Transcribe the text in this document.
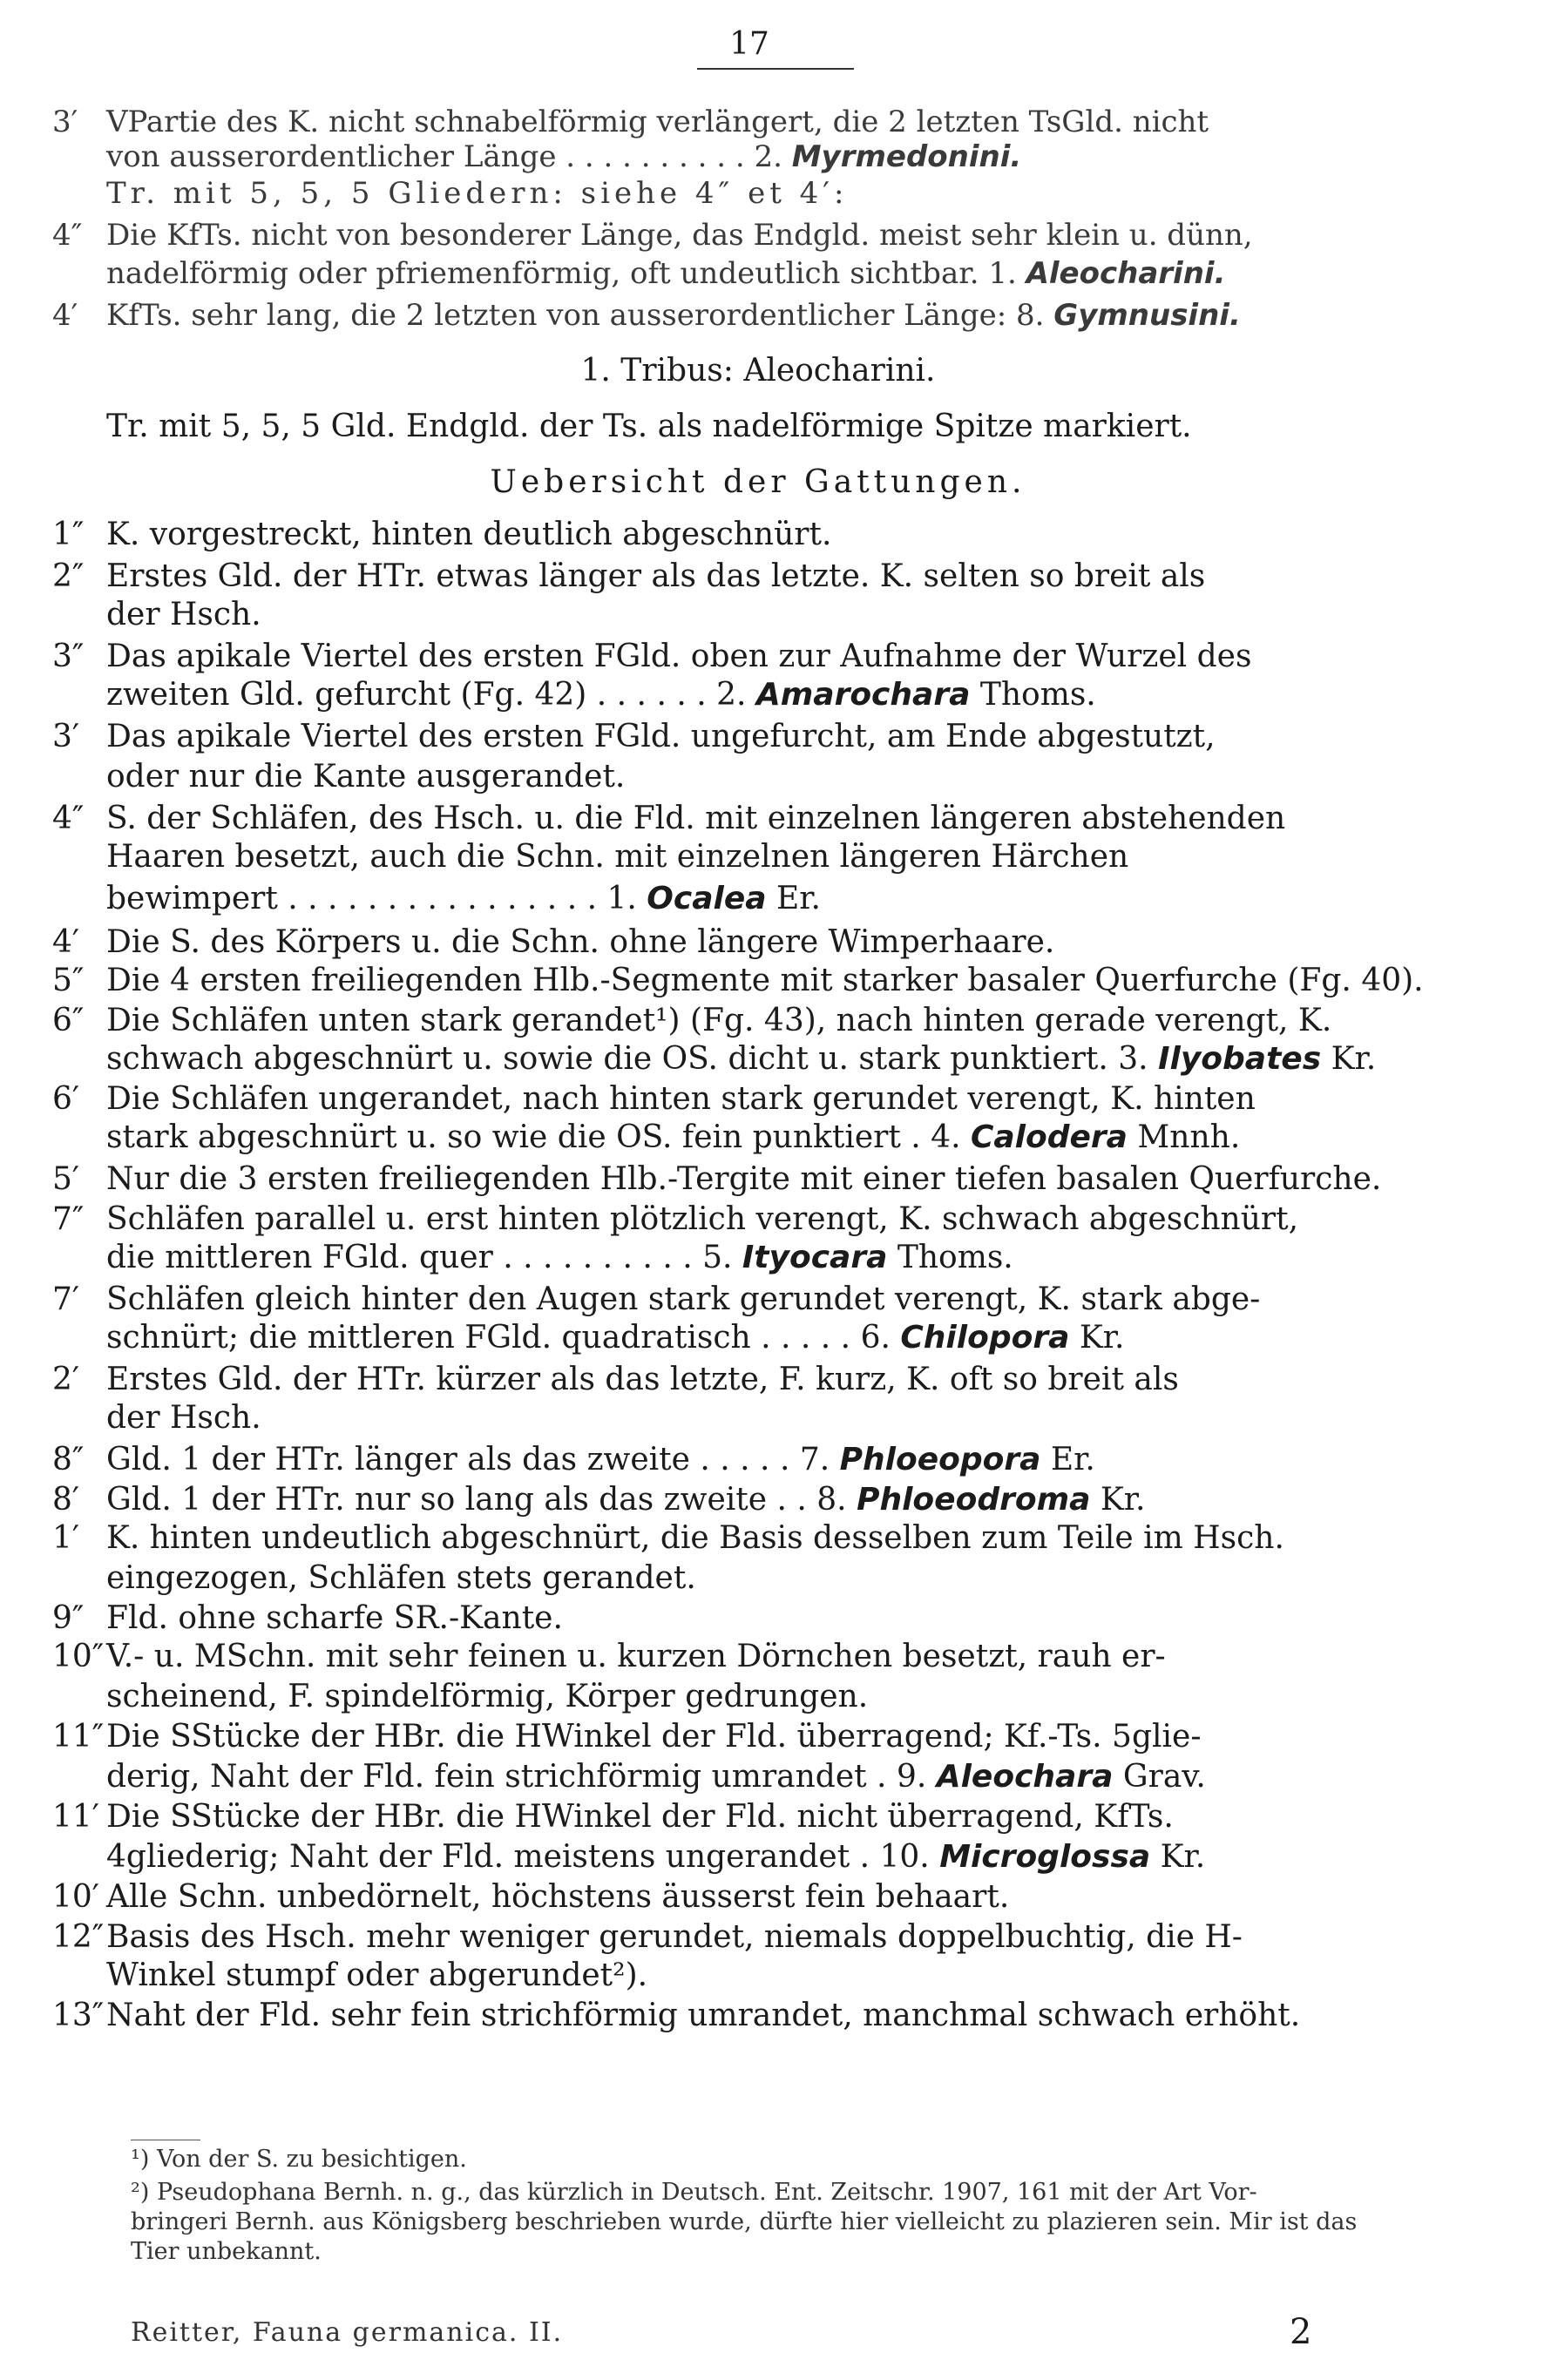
17
3′ VPartie des K. nicht schnabelförmig verlängert, die 2 letzten TsGld. nicht
von ausserordentlicher Länge . . . . . . . . . . 2. Myrmedonini.
Tr. mit 5, 5, 5 Gliedern: siehe 4″ et 4′:
4″ Die KfTs. nicht von besonderer Länge, das Endgld. meist sehr klein u. dünn,
nadelförmig oder pfriemenförmig, oft undeutlich sichtbar. 1. Aleocharini.
4′ KfTs. sehr lang, die 2 letzten von ausserordentlicher Länge: 8. Gymnusini.
1. Tribus: Aleocharini.
Tr. mit 5, 5, 5 Gld. Endgld. der Ts. als nadelförmige Spitze markiert.
Uebersicht der Gattungen.
1″ K. vorgestreckt, hinten deutlich abgeschnürt.
2″ Erstes Gld. der HTr. etwas länger als das letzte. K. selten so breit als
der Hsch.
3″ Das apikale Viertel des ersten FGld. oben zur Aufnahme der Wurzel des
zweiten Gld. gefurcht (Fg. 42) . . . . . . 2. Amarochara Thoms.
3′ Das apikale Viertel des ersten FGld. ungefurcht, am Ende abgestutzt,
oder nur die Kante ausgerandet.
4″ S. der Schläfen, des Hsch. u. die Fld. mit einzelnen längeren abstehenden
Haaren besetzt, auch die Schn. mit einzelnen längeren Härchen
bewimpert . . . . . . . . . . . . . . . . 1. Ocalea Er.
4′ Die S. des Körpers u. die Schn. ohne längere Wimperhaare.
5″ Die 4 ersten freiliegenden Hlb.-Segmente mit starker basaler Querfurche (Fg. 40).
6″ Die Schläfen unten stark gerandet¹) (Fg. 43), nach hinten gerade verengt, K.
schwach abgeschnürt u. sowie die OS. dicht u. stark punktiert. 3. Ilyobates Kr.
6′ Die Schläfen ungerandet, nach hinten stark gerundet verengt, K. hinten
stark abgeschnürt u. so wie die OS. fein punktiert . 4. Calodera Mnnh.
5′ Nur die 3 ersten freiliegenden Hlb.-Tergite mit einer tiefen basalen Querfurche.
7″ Schläfen parallel u. erst hinten plötzlich verengt, K. schwach abgeschnürt,
die mittleren FGld. quer . . . . . . . . . . 5. Ityocara Thoms.
7′ Schläfen gleich hinter den Augen stark gerundet verengt, K. stark abge-
schnürt; die mittleren FGld. quadratisch . . . . . 6. Chilopora Kr.
2′ Erstes Gld. der HTr. kürzer als das letzte, F. kurz, K. oft so breit als
der Hsch.
8″ Gld. 1 der HTr. länger als das zweite . . . . . 7. Phloeopora Er.
8′ Gld. 1 der HTr. nur so lang als das zweite . . 8. Phloeodroma Kr.
1′ K. hinten undeutlich abgeschnürt, die Basis desselben zum Teile im Hsch.
eingezogen, Schläfen stets gerandet.
9″ Fld. ohne scharfe SR.-Kante.
10″V.- u. MSchn. mit sehr feinen u. kurzen Dörnchen besetzt, rauh er-
scheinend, F. spindelförmig, Körper gedrungen.
11″Die SStücke der HBr. die HWinkel der Fld. überragend; Kf.-Ts. 5glie-
derig, Naht der Fld. fein strichförmig umrandet . 9. Aleochara Grav.
11′ Die SStücke der HBr. die HWinkel der Fld. nicht überragend, KfTs.
4gliederig; Naht der Fld. meistens ungerandet . 10. Microglossa Kr.
10′ Alle Schn. unbedörnelt, höchstens äusserst fein behaart.
12″Basis des Hsch. mehr weniger gerundet, niemals doppelbuchtig, die H-
Winkel stumpf oder abgerundet²).
13″Naht der Fld. sehr fein strichförmig umrandet, manchmal schwach erhöht.
¹) Von der S. zu besichtigen.
²) Pseudophana Bernh. n. g., das kürzlich in Deutsch. Ent. Zeitschr. 1907, 161 mit der Art Vor-
bringeri Bernh. aus Königsberg beschrieben wurde, dürfte hier vielleicht zu plazieren sein. Mir ist das
Tier unbekannt.
Reitter, Fauna germanica. II.	2
